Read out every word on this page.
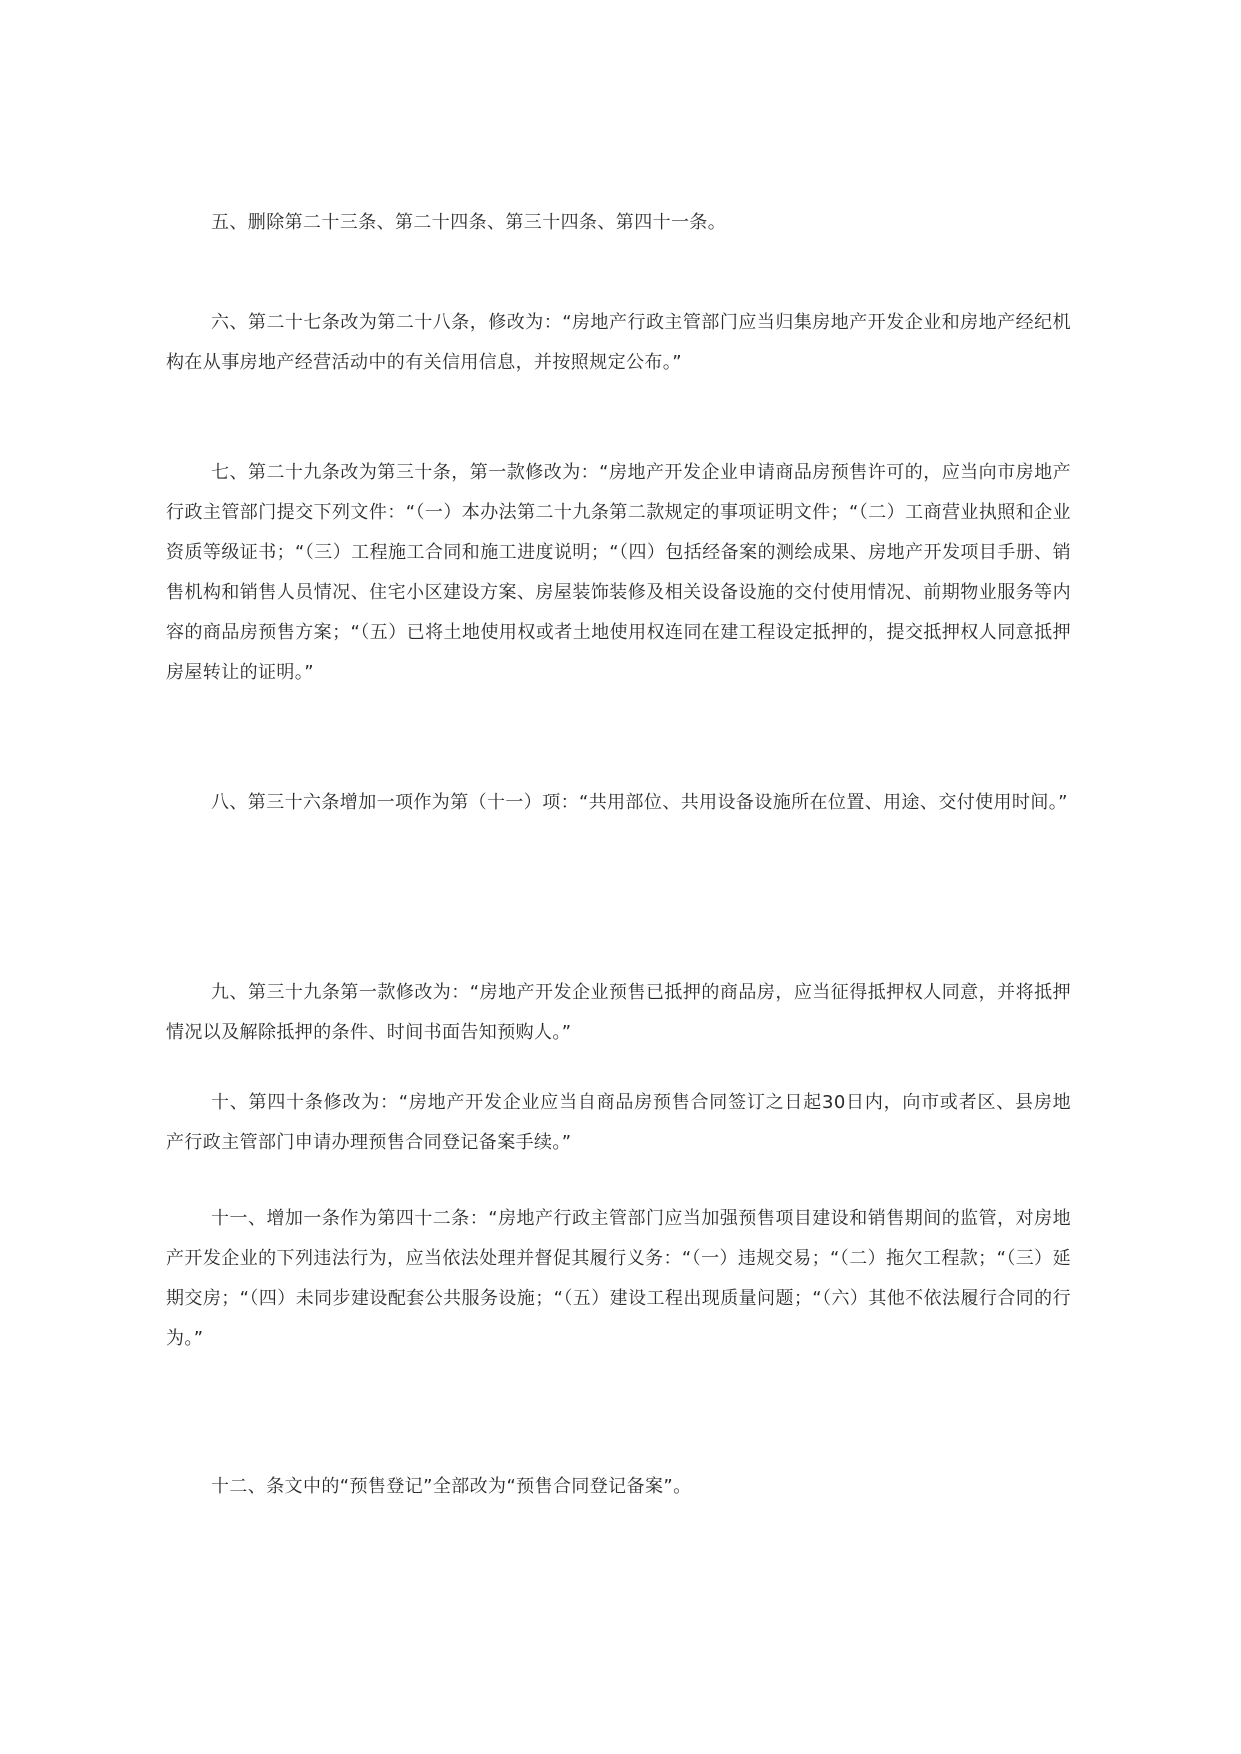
五、删除第二十三条、第二十四条、第三十四条、第四十一条。

六、第二十七条改为第二十八条，修改为：“房地产行政主管部门应当归集房地产开发企业和房地产经纪机构在从事房地产经营活动中的有关信用信息，并按照规定公布。”

七、第二十九条改为第三十条，第一款修改为：“房地产开发企业申请商品房预售许可的，应当向市房地产行政主管部门提交下列文件：“（一）本办法第二十九条第二款规定的事项证明文件；“（二）工商营业执照和企业资质等级证书；“（三）工程施工合同和施工进度说明；“（四）包括经备案的测绘成果、房地产开发项目手册、销售机构和销售人员情况、住宅小区建设方案、房屋装饰装修及相关设备设施的交付使用情况、前期物业服务等内容的商品房预售方案；“（五）已将土地使用权或者土地使用权连同在建工程设定抵押的，提交抵押权人同意抵押房屋转让的证明。”

八、第三十六条增加一项作为第（十一）项：“共用部位、共用设备设施所在位置、用途、交付使用时间。”

九、第三十九条第一款修改为：“房地产开发企业预售已抵押的商品房，应当征得抵押权人同意，并将抵押情况以及解除抵押的条件、时间书面告知预购人。”

十、第四十条修改为：“房地产开发企业应当自商品房预售合同签订之日起30日内，向市或者区、县房地产行政主管部门申请办理预售合同登记备案手续。”

十一、增加一条作为第四十二条：“房地产行政主管部门应当加强预售项目建设和销售期间的监管，对房地产开发企业的下列违法行为，应当依法处理并督促其履行义务：“（一）违规交易；“（二）拖欠工程款；“（三）延期交房；“（四）未同步建设配套公共服务设施；“（五）建设工程出现质量问题；“（六）其他不依法履行合同的行为。”

十二、条文中的“预售登记”全部改为“预售合同登记备案”。
